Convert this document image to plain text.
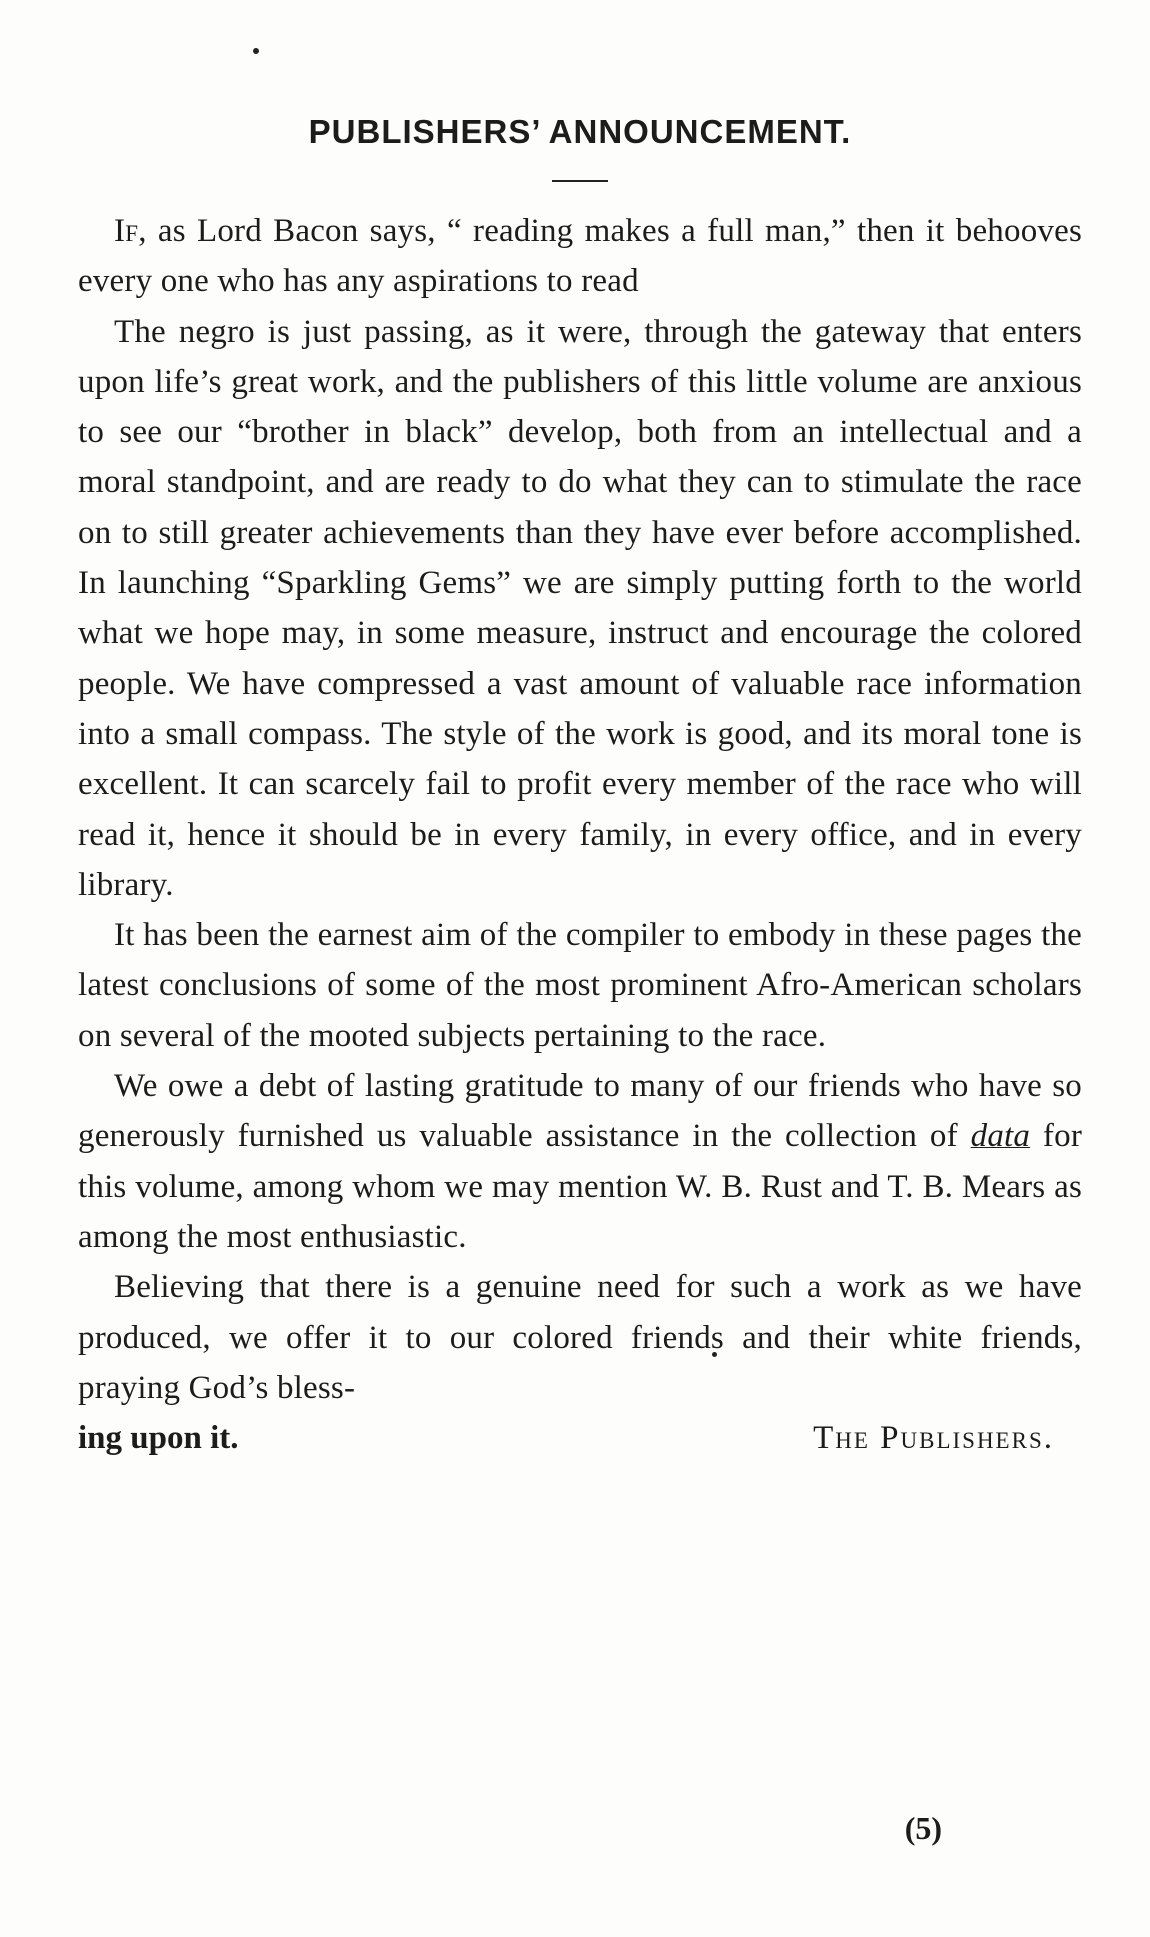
PUBLISHERS’ ANNOUNCEMENT.

If, as Lord Bacon says, “ reading makes a full man,” then it behooves every one who has any aspirations to read

The negro is just passing, as it were, through the gateway that enters upon life’s great work, and the publishers of this little volume are anxious to see our “brother in black” develop, both from an intellectual and a moral standpoint, and are ready to do what they can to stimulate the race on to still greater achievements than they have ever before accomplished. In launching “Sparkling Gems” we are simply putting forth to the world what we hope may, in some measure, instruct and encourage the colored people. We have compressed a vast amount of valuable race information into a small compass. The style of the work is good, and its moral tone is excellent. It can scarcely fail to profit every member of the race who will read it, hence it should be in every family, in every office, and in every library.

It has been the earnest aim of the compiler to embody in these pages the latest conclusions of some of the most prominent Afro-American scholars on several of the mooted subjects pertaining to the race.

We owe a debt of lasting gratitude to many of our friends who have so generously furnished us valuable assistance in the collection of data for this volume, among whom we may mention W. B. Rust and T. B. Mears as among the most enthusiastic.

Believing that there is a genuine need for such a work as we have produced, we offer it to our colored friends and their white friends, praying God’s bless-

ing upon it.	The Publishers.
(5)
